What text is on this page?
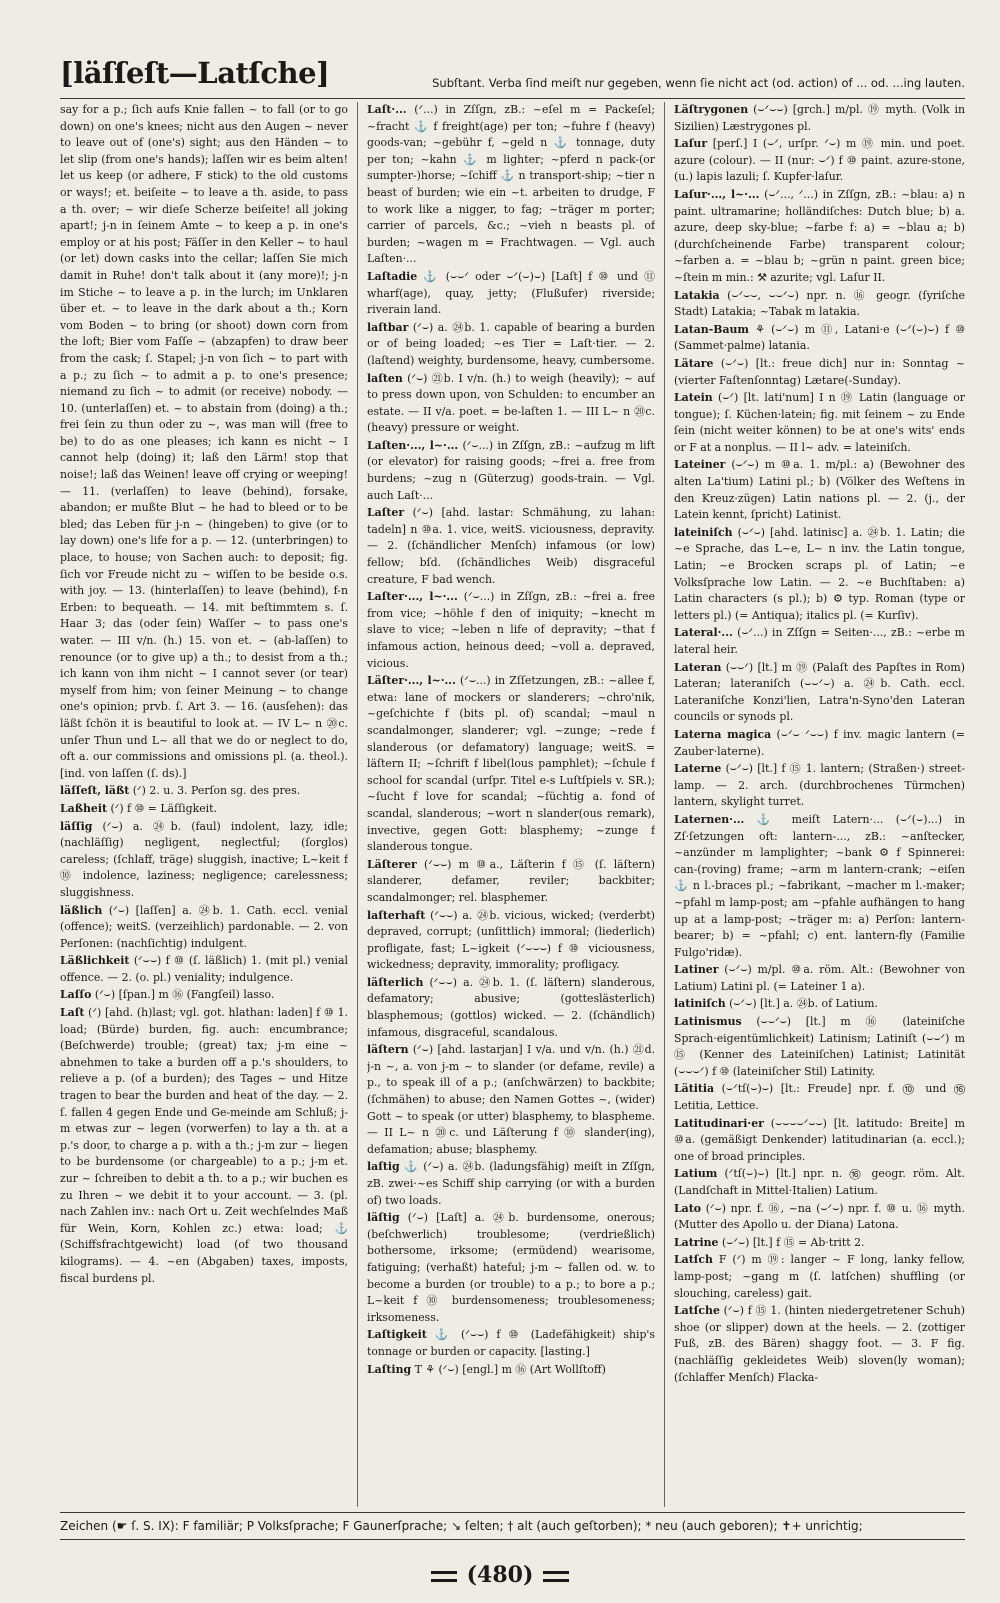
[läſſeſt—Latſche]	Subſtant. Verba ſind meiſt nur gegeben, wenn ſie nicht act (od. action) of ... od. ...ing lauten.
say for a p.; ſich aufs Knie fallen ~ to fall (or to go down) on one's knees; nicht aus den Augen ~ never to leave out of (one's) sight; aus den Händen ~ to let slip (from one's hands); laſſen wir es beim alten! let us keep (or adhere, F stick) to the old customs or ways!; et. beiſeite ~ to leave a th. aside, to pass a th. over; ~ wir dieſe Scherze beiſeite! all joking apart!; j-n in ſeinem Amte ~ to keep a p. in one's employ or at his post; Fäſſer in den Keller ~ to haul (or let) down casks into the cellar; laſſen Sie mich damit in Ruhe! don't talk about it (any more)!; j-n im Stiche ~ to leave a p. in the lurch; im Unklaren über et. ~ to leave in the dark about a th.; Korn vom Boden ~ to bring (or shoot) down corn from the loft; Bier vom Faſſe ~ (abzapfen) to draw beer from the cask; ſ. Stapel; j-n von ſich ~ to part with a p.; zu ſich ~ to admit a p. to one's presence; niemand zu ſich ~ to admit (or receive) nobody. — 10. (unterlaſſen) et. ~ to abstain from (doing) a th.; frei ſein zu thun oder zu ~, was man will (free to be) to do as one pleases; ich kann es nicht ~ I cannot help (doing) it; laß den Lärm! stop that noise!; laß das Weinen! leave off crying or weeping! — 11. (verlaſſen) to leave (behind), forsake, abandon; er mußte Blut ~ he had to bleed or to be bled; das Leben für j-n ~ (hingeben) to give (or to lay down) one's life for a p. — 12. (unterbringen) to place, to house; von Sachen auch: to deposit; fig. ſich vor Freude nicht zu ~ wiſſen to be beside o.s. with joy. — 13. (hinterlaſſen) to leave (behind), f-n Erben: to bequeath. — 14. mit beſtimmtem s. ſ. Haar 3; das (oder ſein) Waſſer ~ to pass one's water. — III v/n. (h.) 15. von et. ~ (ab-laſſen) to renounce (or to give up) a th.; to desist from a th.; ich kann von ihm nicht ~ I cannot sever (or tear) myself from him; von ſeiner Meinung ~ to change one's opinion; prvb. ſ. Art 3. — 16. (ausſehen): das läßt ſchön it is beautiful to look at. — IV L~ n ⑳c. unſer Thun und L~ all that we do or neglect to do, oft a. our commissions and omissions pl. (a. theol.). [ind. von laſſen (ſ. ds).]
läſſeſt, läßt (ᐟ) 2. u. 3. Perſon sg. des pres.
Laßheit (ᐟ) f ⑩ = Läſſigkeit.
läſſig (ᐟ⌣) a. ㉔b. (faul) indolent, lazy, idle; (nachläſſig) negligent, neglectful; (ſorglos) careless; (ſchlaff, träge) sluggish, inactive; L~keit f ⑩ indolence, laziness; negligence; carelessness; sluggishness.
läßlich (ᐟ⌣) [laſſen] a. ㉔b. 1. Cath. eccl. venial (offence); weitS. (verzeihlich) pardonable. — 2. von Perſonen: (nachſichtig) indulgent.
Läßlichkeit (ᐟ⌣⌣) f ⑩ (ſ. läßlich) 1. (mit pl.) venial offence. — 2. (o. pl.) veniality; indulgence.
Laſſo (ᐟ⌣) [ſpan.] m ⑯ (Fangſeil) lasso.
Laſt (ᐟ) [ahd. (h)last; vgl. got. hlathan: laden] f ⑩ 1. load; (Bürde) burden, fig. auch: encumbrance; (Beſchwerde) trouble; (great) tax; j-m eine ~ abnehmen to take a burden off a p.'s shoulders, to relieve a p. (of a burden); des Tages ~ und Hitze tragen to bear the burden and heat of the day. — 2. ſ. fallen 4 gegen Ende und Ge-meinde am Schluß; j-m etwas zur ~ legen (vorwerfen) to lay a th. at a p.'s door, to charge a p. with a th.; j-m zur ~ liegen to be burdensome (or chargeable) to a p.; j-m et. zur ~ ſchreiben to debit a th. to a p.; wir buchen es zu Ihren ~ we debit it to your account. — 3. (pl. nach Zahlen inv.: nach Ort u. Zeit wechſelndes Maß für Wein, Korn, Kohlen zc.) etwa: load; ⚓ (Schiffsfrachtgewicht) load (of two thousand kilograms). — 4. ~en (Abgaben) taxes, imposts, fiscal burdens pl.
Laſt·... (ᐟ...) in Zſſgn, zB.: ~eſel m = Packeſel; ~fracht ⚓ f freight(age) per ton; ~fuhre f (heavy) goods-van; ~gebühr f, ~geld n ⚓ tonnage, duty per ton; ~kahn ⚓ m lighter; ~pferd n pack-(or sumpter-)horse; ~ſchiff ⚓ n transport-ship; ~tier n beast of burden; wie ein ~t. arbeiten to drudge, F to work like a nigger, to fag; ~träger m porter; carrier of parcels, &c.; ~vieh n beasts pl. of burden; ~wagen m = Frachtwagen. — Vgl. auch Laſten·...
Laſtadie ⚓ (⌣⌣ᐟ oder ⌣ᐟ(⌣)⌣) [Laſt] f ⑩ und ⑪ wharf(age), quay, jetty; (Flußufer) riverside; riverain land.
laſtbar (ᐟ⌣) a. ㉔b. 1. capable of bearing a burden or of being loaded; ~es Tier = Laſt·tier. — 2. (laſtend) weighty, burdensome, heavy, cumbersome.
laſten (ᐟ⌣) ㉑b. I v/n. (h.) to weigh (heavily); ~ auf to press down upon, von Schulden: to encumber an estate. — II v/a. poet. = be-laſten 1. — III L~ n ⑳c. (heavy) pressure or weight.
Laſten·..., l~·... (ᐟ⌣...) in Zſſgn, zB.: ~aufzug m lift (or elevator) for raising goods; ~frei a. free from burdens; ~zug n (Güterzug) goods-train. — Vgl. auch Laſt·...
Laſter (ᐟ⌣) [ahd. lastar: Schmähung, zu lahan: tadeln] n ⑩a. 1. vice, weitS. viciousness, depravity. — 2. (ſchändlicher Menſch) infamous (or low) fellow; bſd. (ſchändliches Weib) disgraceful creature, F bad wench.
Laſter·..., l~·... (ᐟ⌣...) in Zſſgn, zB.: ~frei a. free from vice; ~höhle f den of iniquity; ~knecht m slave to vice; ~leben n life of depravity; ~that f infamous action, heinous deed; ~voll a. depraved, vicious.
Läſter·..., l~·... (ᐟ⌣...) in Zſſetzungen, zB.: ~allee f, etwa: lane of mockers or slanderers; ~chro'nik, ~geſchichte f (bits pl. of) scandal; ~maul n scandalmonger, slanderer; vgl. ~zunge; ~rede f slanderous (or defamatory) language; weitS. = läſtern II; ~ſchrift f libel(lous pamphlet); ~ſchule f school for scandal (urſpr. Titel e-s Luſtſpiels v. SR.); ~ſucht f love for scandal; ~ſüchtig a. fond of scandal, slanderous; ~wort n slander(ous remark), invective, gegen Gott: blasphemy; ~zunge f slanderous tongue.
Läſterer (ᐟ⌣⌣) m ⑩a., Läſterin f ⑮ (ſ. läſtern) slanderer, defamer, reviler; backbiter; scandalmonger; rel. blasphemer.
laſterhaft (ᐟ⌣⌣) a. ㉔b. vicious, wicked; (verderbt) depraved, corrupt; (unſittlich) immoral; (liederlich) profligate, fast; L~igkeit (ᐟ⌣⌣⌣) f ⑩ viciousness, wickedness; depravity, immorality; profligacy.
läſterlich (ᐟ⌣⌣) a. ㉔b. 1. (ſ. läſtern) slanderous, defamatory; abusive; (gotteslästerlich) blasphemous; (gottlos) wicked. — 2. (ſchändlich) infamous, disgraceful, scandalous.
läſtern (ᐟ⌣) [ahd. lastarjan] I v/a. und v/n. (h.) ㉑d. j-n ~, a. von j-m ~ to slander (or defame, revile) a p., to speak ill of a p.; (anſchwärzen) to backbite; (ſchmähen) to abuse; den Namen Gottes ~, (wider) Gott ~ to speak (or utter) blasphemy, to blaspheme. — II L~ n ⑳c. und Läſterung f ⑩ slander(ing), defamation; abuse; blasphemy.
laſtig ⚓ (ᐟ⌣) a. ㉔b. (ladungsfähig) meiſt in Zſſgn, zB. zwei·~es Schiff ship carrying (or with a burden of) two loads.
läſtig (ᐟ⌣) [Laſt] a. ㉔b. burdensome, onerous; (beſchwerlich) troublesome; (verdrießlich) bothersome, irksome; (ermüdend) wearisome, fatiguing; (verhaßt) hateful; j-m ~ fallen od. w. to become a burden (or trouble) to a p.; to bore a p.; L~keit f ⑩ burdensomeness; troublesomeness; irksomeness.
Laſtigkeit ⚓ (ᐟ⌣⌣) f ⑩ (Ladefähigkeit) ship's tonnage or burden or capacity. [lasting.]
Laſting T ⚘ (ᐟ⌣) [engl.] m ⑯ (Art Wollſtoff)
Läſtrygonen (⌣ᐟ⌣⌣) [grch.] m/pl. ⑲ myth. (Volk in Sizilien) Læstrygones pl.
Laſur [perſ.] I (⌣ᐟ, urſpr. ᐟ⌣) m ⑲ min. und poet. azure (colour). — II (nur: ⌣ᐟ) f ⑩ paint. azure-stone, (u.) lapis lazuli; ſ. Kupfer·laſur.
Laſur·..., l~·... (⌣ᐟ..., ᐟ...) in Zſſgn, zB.: ~blau: a) n paint. ultramarine; holländiſches: Dutch blue; b) a. azure, deep sky-blue; ~farbe f: a) = ~blau a; b) (durchſcheinende Farbe) transparent colour; ~farben a. = ~blau b; ~grün n paint. green bice; ~ſtein m min.: ⚒ azurite; vgl. Laſur II.
Latakia (⌣ᐟ⌣⌣, ⌣⌣ᐟ⌣) npr. n. ⑯ geogr. (ſyriſche Stadt) Latakia; ~Tabak m latakia.
Latan-Baum ⚘ (⌣ᐟ⌣) m ⑪, Latani·e (⌣ᐟ(⌣)⌣) f ⑩ (Sammet·palme) latania.
Lätare (⌣ᐟ⌣) [lt.: freue dich] nur in: Sonntag ~ (vierter Faſtenſonntag) Lætare(-Sunday).
Latein (⌣ᐟ) [lt. lati'num] I n ⑲ Latin (language or tongue); ſ. Küchen·latein; fig. mit ſeinem ~ zu Ende ſein (nicht weiter können) to be at one's wits' ends or F at a nonplus. — II l~ adv. = lateiniſch.
Lateiner (⌣ᐟ⌣) m ⑩a. 1. m/pl.: a) (Bewohner des alten La'tium) Latini pl.; b) (Völker des Weſtens in den Kreuz·zügen) Latin nations pl. — 2. (j., der Latein kennt, ſpricht) Latinist.
lateiniſch (⌣ᐟ⌣) [ahd. latinisc] a. ㉔b. 1. Latin; die ~e Sprache, das L~e, L~ n inv. the Latin tongue, Latin; ~e Brocken scraps pl. of Latin; ~e Volksſprache low Latin. — 2. ~e Buchſtaben: a) Latin characters (s pl.); b) ⚙ typ. Roman (type or letters pl.) (= Antiqua); italics pl. (= Kurſiv).
Lateral·... (⌣ᐟ...) in Zſſgn = Seiten·..., zB.: ~erbe m lateral heir.
Lateran (⌣⌣ᐟ) [lt.] m ⑲ (Palaſt des Papſtes in Rom) Lateran; lateraniſch (⌣⌣ᐟ⌣) a. ㉔b. Cath. eccl. Lateraniſche Konzi'lien, Latra'n-Syno'den Lateran councils or synods pl.
Laterna magica (⌣ᐟ⌣ ᐟ⌣⌣) f inv. magic lantern (= Zauber·laterne).
Laterne (⌣ᐟ⌣) [lt.] f ⑮ 1. lantern; (Straßen·) street-lamp. — 2. arch. (durchbrochenes Türmchen) lantern, skylight turret.
Laternen·... ⚓ meiſt Latern·... (⌣ᐟ(⌣)...) in Zſ·ſetzungen oft: lantern-..., zB.: ~anſtecker, ~anzünder m lamplighter; ~bank ⚙ f Spinnerei: can-(roving) frame; ~arm m lantern-crank; ~eiſen ⚓ n l.-braces pl.; ~fabrikant, ~macher m l.-maker; ~pfahl m lamp-post; am ~pfahle aufhängen to hang up at a lamp-post; ~träger m: a) Perſon: lantern-bearer; b) = ~pfahl; c) ent. lantern-fly (Familie Fulgo'ridæ).
Latiner (⌣ᐟ⌣) m/pl. ⑩a. röm. Alt.: (Bewohner von Latium) Latini pl. (= Lateiner 1 a).
latiniſch (⌣ᐟ⌣) [lt.] a. ㉔b. of Latium.
Latinismus (⌣⌣ᐟ⌣) [lt.] m ⑯ (lateiniſche Sprach·eigentümlichkeit) Latinism; Latiniſt (⌣⌣ᐟ) m ⑮ (Kenner des Lateiniſchen) Latinist; Latinität (⌣⌣⌣ᐟ) f ⑩ (lateiniſcher Stil) Latinity.
Lätitia (⌣ᐟtſ(⌣)⌣) [lt.: Freude] npr. f. ⑩ und ⑯ Letitia, Lettice.
Latitudinari·er (⌣⌣⌣⌣ᐟ⌣⌣) [lt. latitudo: Breite] m ⑩a. (gemäßigt Denkender) latitudinarian (a. eccl.); one of broad principles.
Latium (ᐟtſ(⌣)⌣) [lt.] npr. n. ⑯ geogr. röm. Alt. (Landſchaft in Mittel·Italien) Latium.
Lato (ᐟ⌣) npr. f. ⑯, ~na (⌣ᐟ⌣) npr. f. ⑩ u. ⑯ myth. (Mutter des Apollo u. der Diana) Latona.
Latrine (⌣ᐟ⌣) [lt.] f ⑮ = Ab·tritt 2.
Latſch F (ᐟ) m ⑲: langer ~ F long, lanky fellow, lamp-post; ~gang m (ſ. latſchen) shuffling (or slouching, careless) gait.
Latſche (ᐟ⌣) f ⑮ 1. (hinten niedergetretener Schuh) shoe (or slipper) down at the heels. — 2. (zottiger Fuß, zB. des Bären) shaggy foot. — 3. F fig. (nachläſſig gekleidetes Weib) sloven(ly woman); (ſchlaffer Menſch) Flacka-
Zeichen (☛ ſ. S. IX): F familiär; P Volksſprache; F Gaunerſprache; ↘ ſelten; † alt (auch geſtorben); * neu (auch geboren); ✝+ unrichtig;
(480)
